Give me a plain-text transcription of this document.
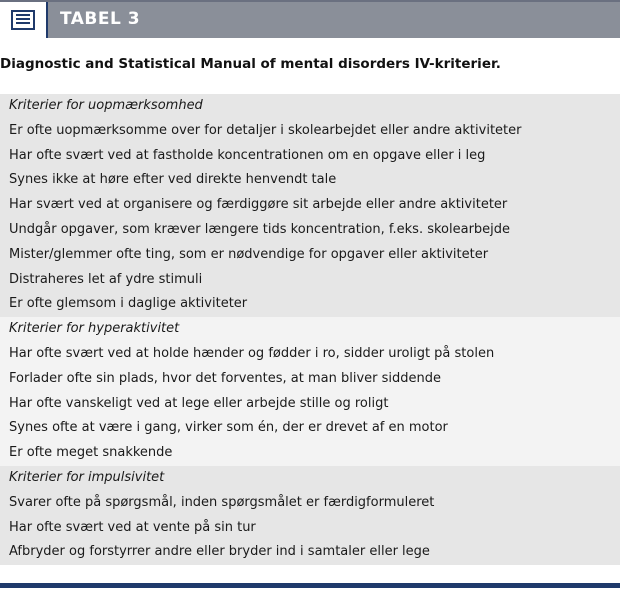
TABEL 3
Diagnostic and Statistical Manual of mental disorders IV-kriterier.
Kriterier for uopmærksomhed
Er ofte uopmærksomme over for detaljer i skolearbejdet eller andre aktiviteter
Har ofte svært ved at fastholde koncentrationen om en opgave eller i leg
Synes ikke at høre efter ved direkte henvendt tale
Har svært ved at organisere og færdiggøre sit arbejde eller andre aktiviteter
Undgår opgaver, som kræver længere tids koncentration, f.eks. skolearbejde
Mister/glemmer ofte ting, som er nødvendige for opgaver eller aktiviteter
Distraheres let af ydre stimuli
Er ofte glemsom i daglige aktiviteter
Kriterier for hyperaktivitet
Har ofte svært ved at holde hænder og fødder i ro, sidder uroligt på stolen
Forlader ofte sin plads, hvor det forventes, at man bliver siddende
Har ofte vanskeligt ved at lege eller arbejde stille og roligt
Synes ofte at være i gang, virker som én, der er drevet af en motor
Er ofte meget snakkende
Kriterier for impulsivitet
Svarer ofte på spørgsmål, inden spørgsmålet er færdigformuleret
Har ofte svært ved at vente på sin tur
Afbryder og forstyrrer andre eller bryder ind i samtaler eller lege
